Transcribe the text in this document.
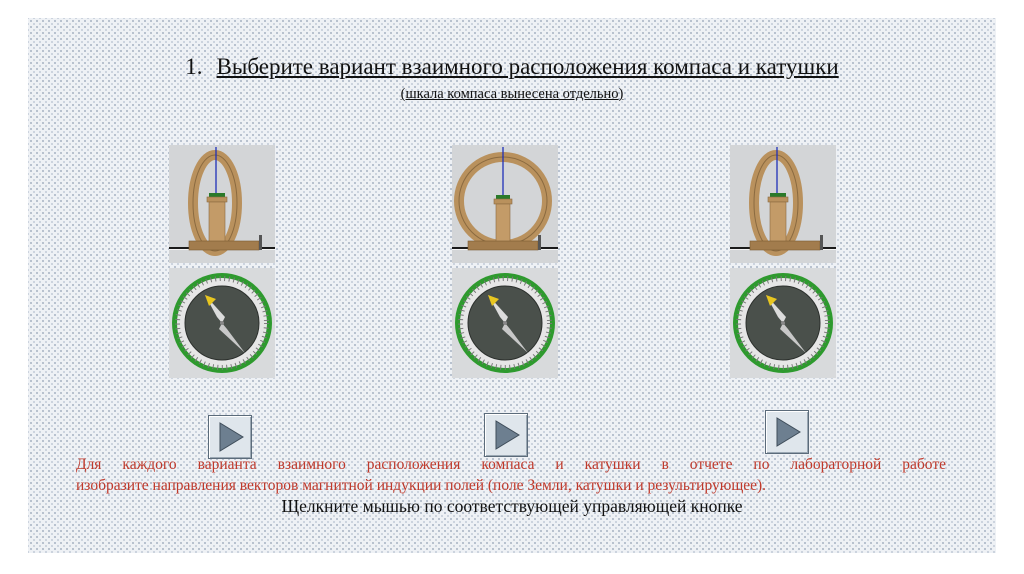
1. Выберите вариант взаимного расположения компаса и катушки
(шкала компаса вынесена отдельно)
Для каждого варианта взаимного расположения компаса и катушки в отчете по лабораторной работе
изобразите направления векторов магнитной индукции полей (поле Земли, катушки и результирующее).
Щелкните мышью по соответствующей управляющей кнопке
